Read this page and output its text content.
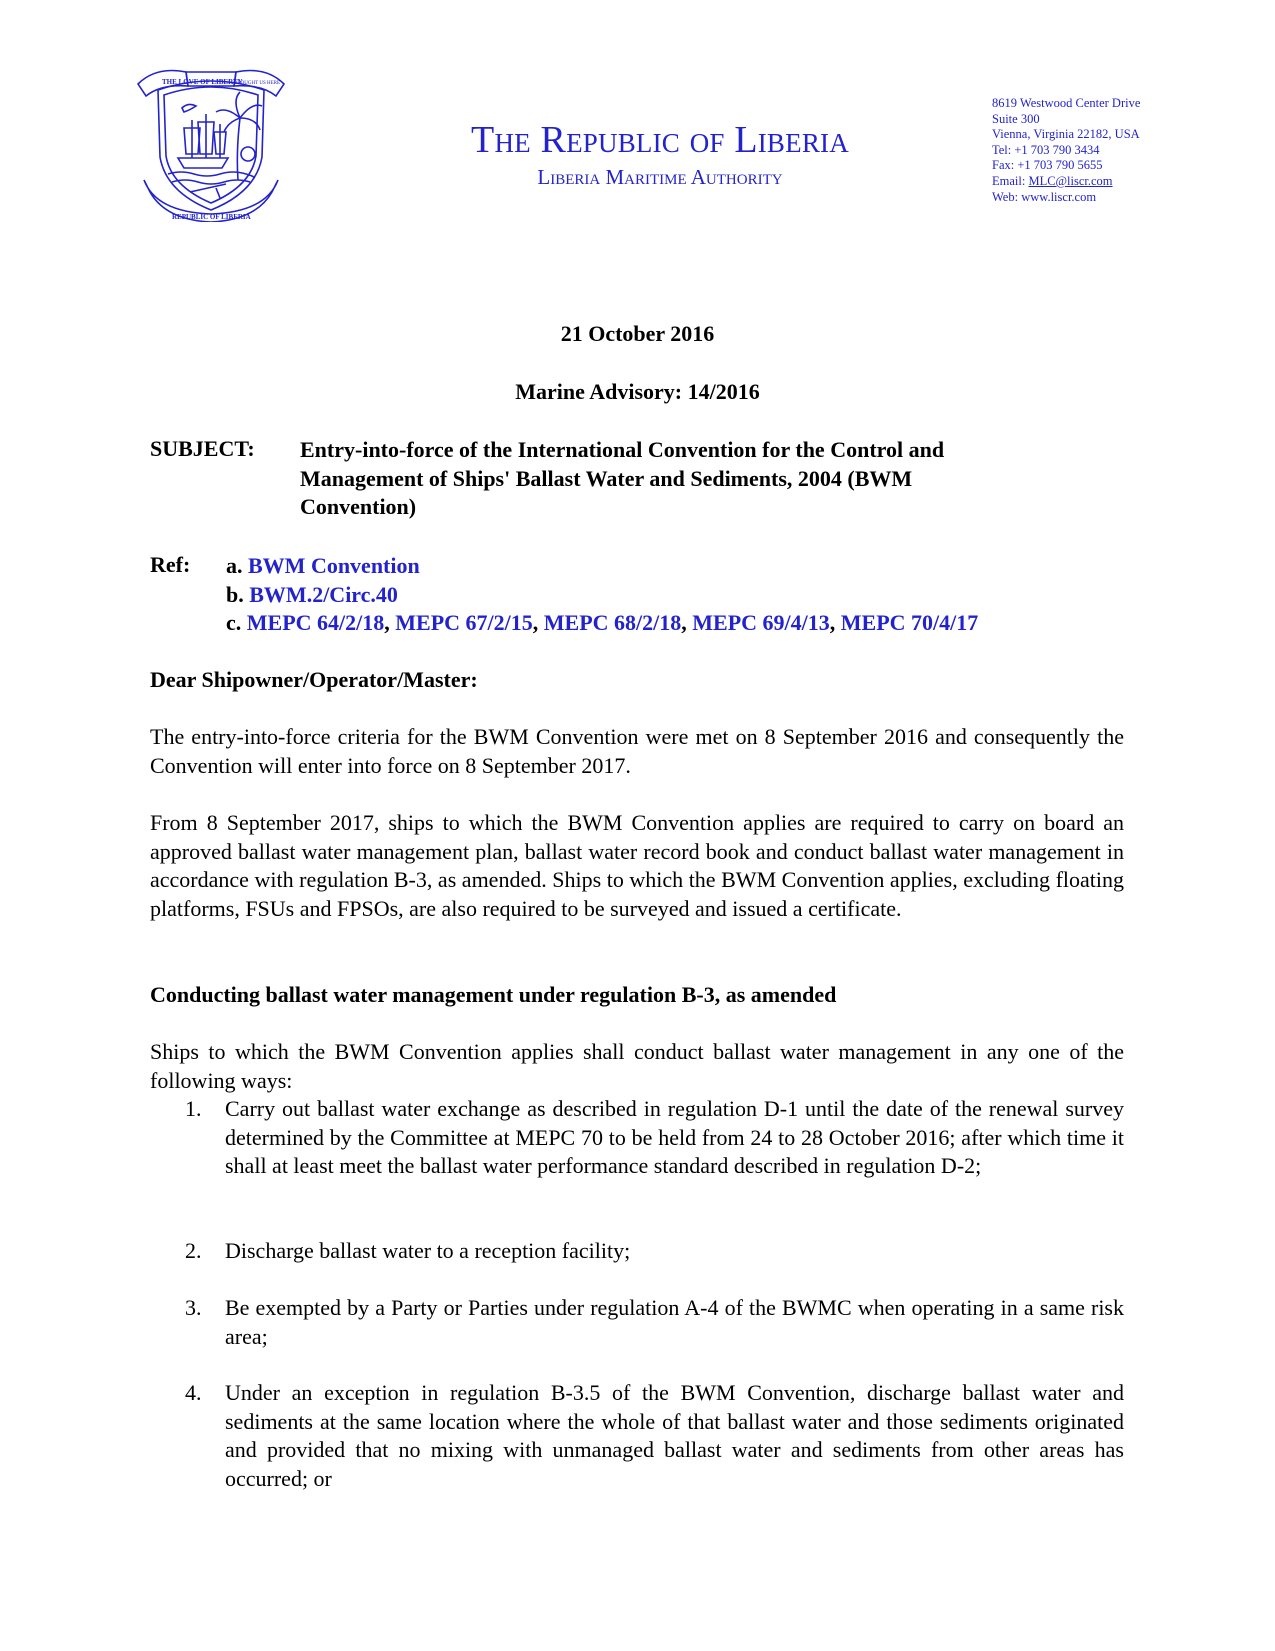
THE LOVE OF LIBERTY
BROUGHT US HERE
REPUBLIC OF LIBERIA
The Republic of Liberia
Liberia Maritime Authority
8619 Westwood Center Drive
Suite 300
Vienna, Virginia 22182, USA
Tel: +1 703 790 3434
Fax: +1 703 790 5655
Email: MLC@liscr.com
Web: www.liscr.com
21 October 2016
Marine Advisory: 14/2016
SUBJECT: Entry-into-force of the International Convention for the Control and
Management of Ships' Ballast Water and Sediments, 2004 (BWM
Convention)
Ref: a. BWM Convention
b. BWM.2/Circ.40
c. MEPC 64/2/18, MEPC 67/2/15, MEPC 68/2/18, MEPC 69/4/13, MEPC 70/4/17
Dear Shipowner/Operator/Master:
The entry-into-force criteria for the BWM Convention were met on 8 September 2016 and consequently the Convention will enter into force on 8 September 2017.
From 8 September 2017, ships to which the BWM Convention applies are required to carry on board an approved ballast water management plan, ballast water record book and conduct ballast water management in accordance with regulation B-3, as amended. Ships to which the BWM Convention applies, excluding floating platforms, FSUs and FPSOs, are also required to be surveyed and issued a certificate.
Conducting ballast water management under regulation B-3, as amended
Ships to which the BWM Convention applies shall conduct ballast water management in any one of the following ways:
1.	Carry out ballast water exchange as described in regulation D-1 until the date of the renewal survey determined by the Committee at MEPC 70 to be held from 24 to 28 October 2016; after which time it shall at least meet the ballast water performance standard described in regulation D-2;
2.	Discharge ballast water to a reception facility;
3.	Be exempted by a Party or Parties under regulation A-4 of the BWMC when operating in a same risk area;
4.	Under an exception in regulation B-3.5 of the BWM Convention, discharge ballast water and sediments at the same location where the whole of that ballast water and those sediments originated and provided that no mixing with unmanaged ballast water and sediments from other areas has occurred; or
